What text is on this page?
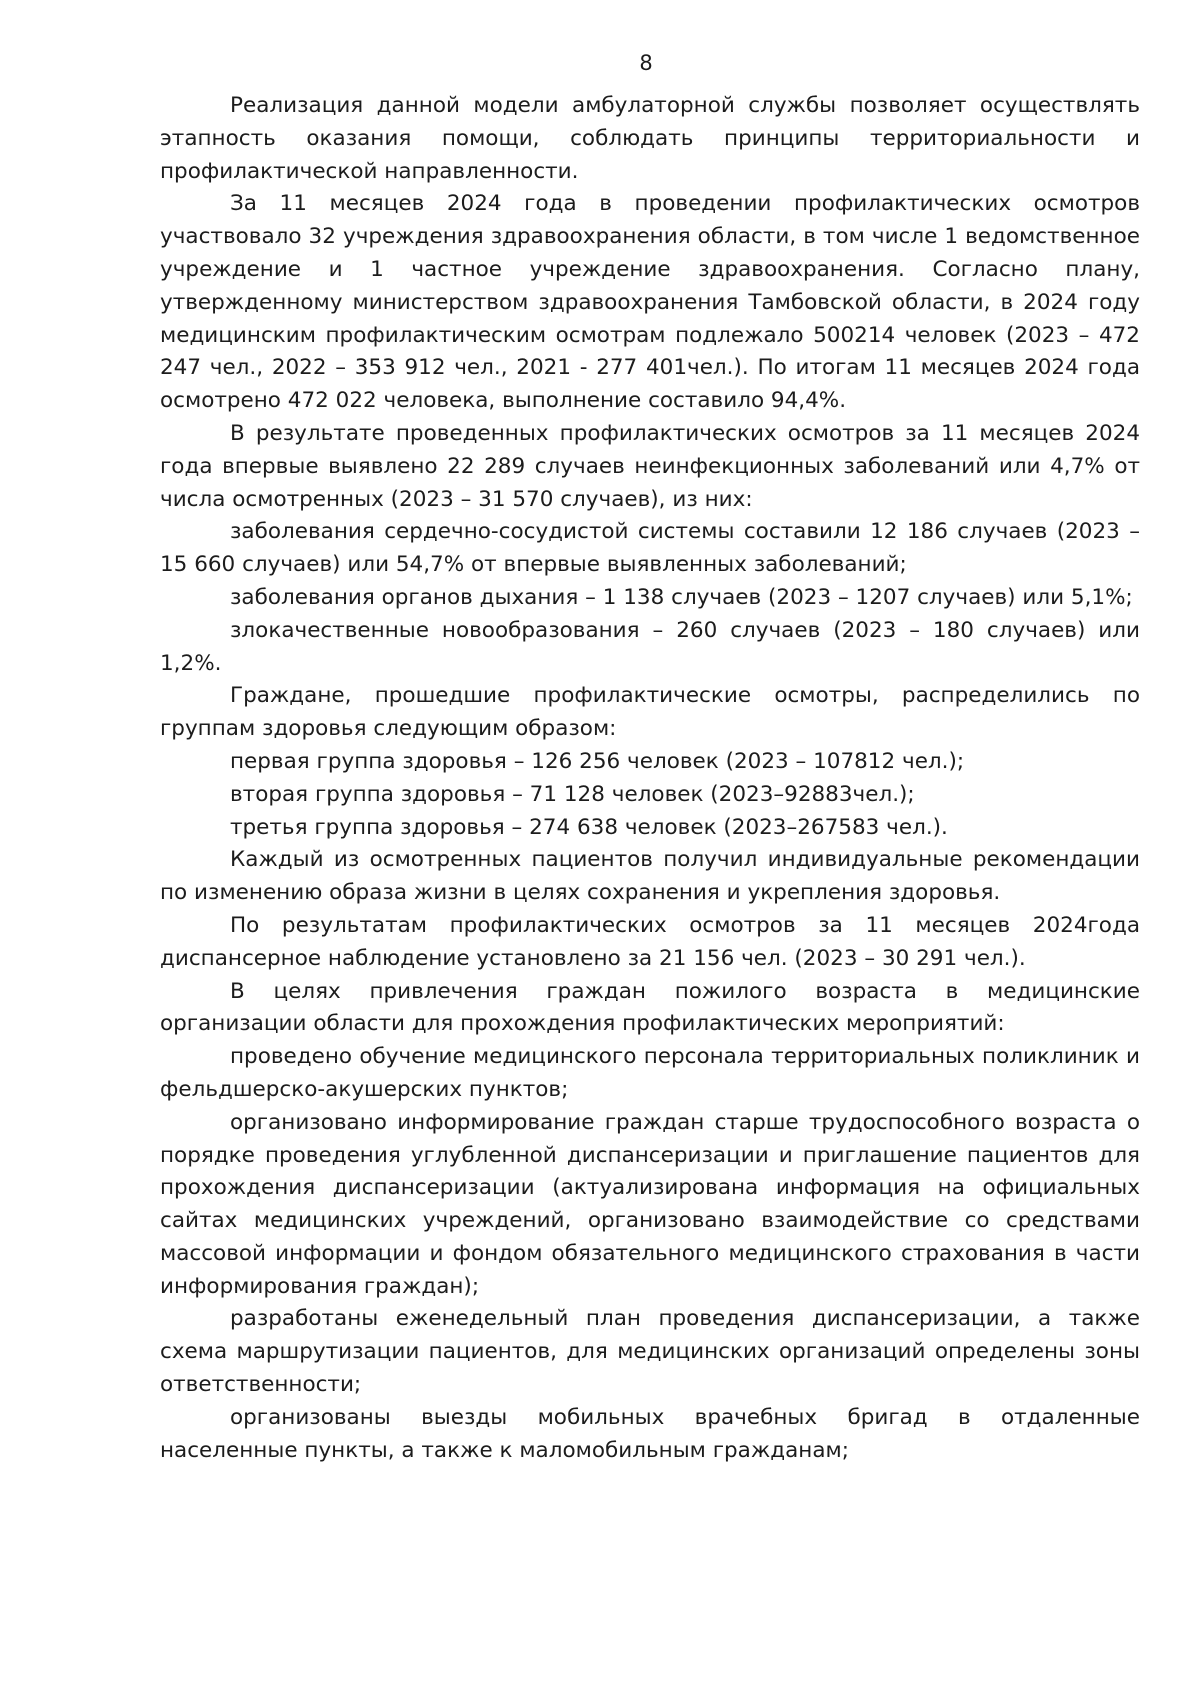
8

Реализация данной модели амбулаторной службы позволяет осуществлять этапность оказания помощи, соблюдать принципы территориальности и профилактической направленности.

За 11 месяцев 2024 года в проведении профилактических осмотров участвовало 32 учреждения здравоохранения области, в том числе 1 ведомственное учреждение и 1 частное учреждение здравоохранения. Согласно плану, утвержденному министерством здравоохранения Тамбовской области, в 2024 году медицинским профилактическим осмотрам подлежало 500214 человек (2023 – 472 247 чел., 2022 – 353 912 чел., 2021 - 277 401чел.). По итогам 11 месяцев 2024 года осмотрено 472 022 человека, выполнение составило 94,4%.

В результате проведенных профилактических осмотров за 11 месяцев 2024 года впервые выявлено 22 289 случаев неинфекционных заболеваний или 4,7% от числа осмотренных (2023 – 31 570 случаев), из них:

заболевания сердечно-сосудистой системы составили 12 186 случаев (2023 – 15 660 случаев) или 54,7% от впервые выявленных заболеваний;

заболевания органов дыхания – 1 138 случаев (2023 – 1207 случаев) или 5,1%;

злокачественные новообразования – 260 случаев (2023 – 180 случаев) или 1,2%.

Граждане, прошедшие профилактические осмотры, распределились по группам здоровья следующим образом:

первая группа здоровья – 126 256 человек (2023 – 107812 чел.);

вторая группа здоровья – 71 128 человек (2023–92883чел.);

третья группа здоровья – 274 638 человек (2023–267583 чел.).

Каждый из осмотренных пациентов получил индивидуальные рекомендации по изменению образа жизни в целях сохранения и укрепления здоровья.

По результатам профилактических осмотров за 11 месяцев 2024года диспансерное наблюдение установлено за 21 156 чел. (2023 – 30 291 чел.).

В целях привлечения граждан пожилого возраста в медицинские организации области для прохождения профилактических мероприятий:

проведено обучение медицинского персонала территориальных поликлиник и фельдшерско-акушерских пунктов;

организовано информирование граждан старше трудоспособного возраста о порядке проведения углубленной диспансеризации и приглашение пациентов для прохождения диспансеризации (актуализирована информация на официальных сайтах медицинских учреждений, организовано взаимодействие со средствами массовой информации и фондом обязательного медицинского страхования в части информирования граждан);

разработаны еженедельный план проведения диспансеризации, а также схема маршрутизации пациентов, для медицинских организаций определены зоны ответственности;

организованы выезды мобильных врачебных бригад в отдаленные населенные пункты, а также к маломобильным гражданам;
